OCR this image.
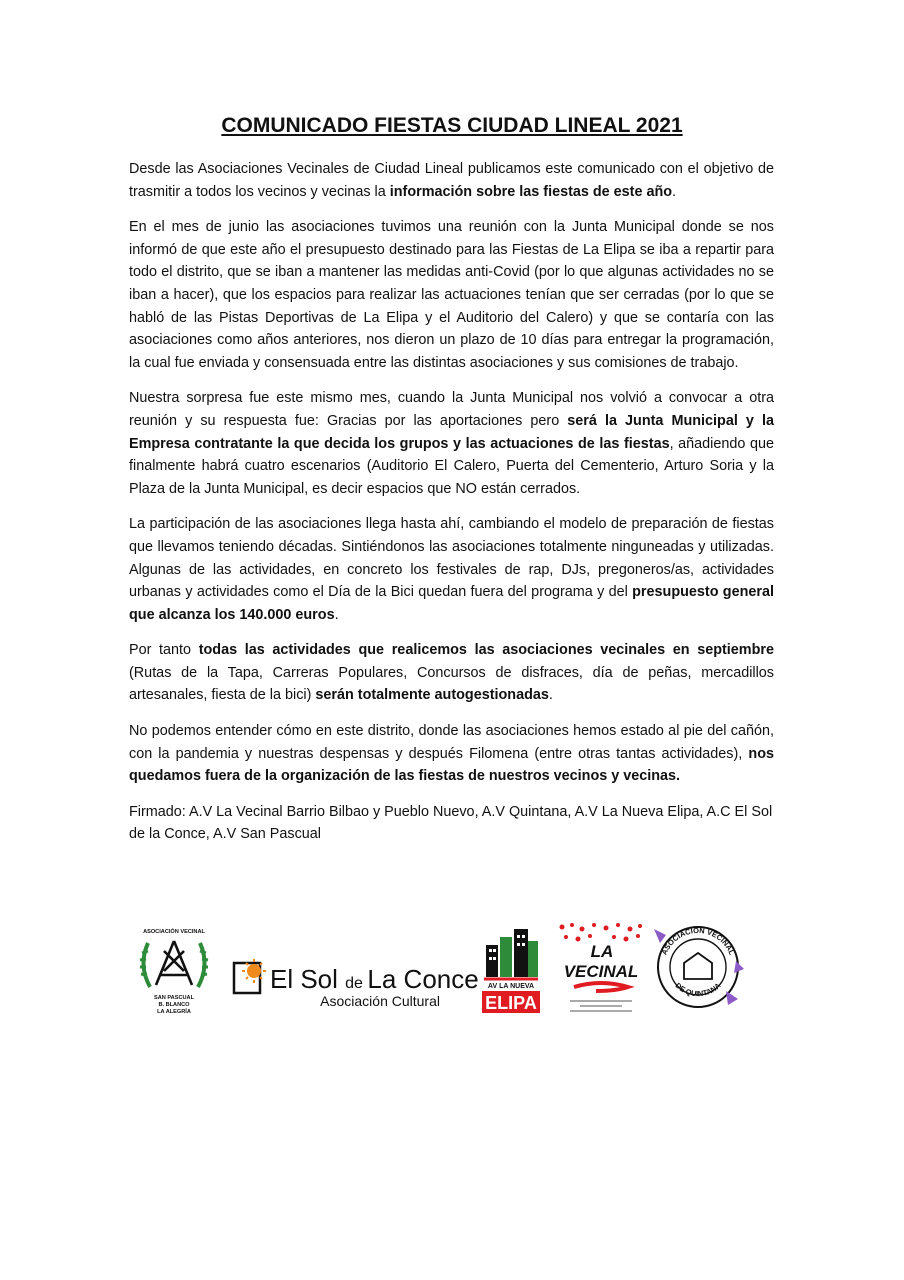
COMUNICADO FIESTAS CIUDAD LINEAL 2021

Desde las Asociaciones Vecinales de Ciudad Lineal publicamos este comunicado con el objetivo de trasmitir a todos los vecinos y vecinas la información sobre las fiestas de este año.

En el mes de junio las asociaciones tuvimos una reunión con la Junta Municipal donde se nos informó de que este año el presupuesto destinado para las Fiestas de La Elipa se iba a repartir para todo el distrito, que se iban a mantener las medidas anti-Covid (por lo que algunas actividades no se iban a hacer), que los espacios para realizar las actuaciones tenían que ser cerradas (por lo que se habló de las Pistas Deportivas de La Elipa y el Auditorio del Calero) y que se contaría con las asociaciones como años anteriores, nos dieron un plazo de 10 días para entregar la programación, la cual fue enviada y consensuada entre las distintas asociaciones y sus comisiones de trabajo.

Nuestra sorpresa fue este mismo mes, cuando la Junta Municipal nos volvió a convocar a otra reunión y su respuesta fue: Gracias por las aportaciones pero será la Junta Municipal y la Empresa contratante la que decida los grupos y las actuaciones de las fiestas, añadiendo que finalmente habrá cuatro escenarios (Auditorio El Calero, Puerta del Cementerio, Arturo Soria y la Plaza de la Junta Municipal, es decir espacios que NO están cerrados.

La participación de las asociaciones llega hasta ahí, cambiando el modelo de preparación de fiestas que llevamos teniendo décadas. Sintiéndonos las asociaciones totalmente ninguneadas y utilizadas. Algunas de las actividades, en concreto los festivales de rap, DJs, pregoneros/as, actividades urbanas y actividades como el Día de la Bici quedan fuera del programa y del presupuesto general que alcanza los 140.000 euros.

Por tanto todas las actividades que realicemos las asociaciones vecinales en septiembre (Rutas de la Tapa, Carreras Populares, Concursos de disfraces, día de peñas, mercadillos artesanales, fiesta de la bici) serán totalmente autogestionadas.

No podemos entender cómo en este distrito, donde las asociaciones hemos estado al pie del cañón, con la pandemia y nuestras despensas y después Filomena (entre otras tantas actividades), nos quedamos fuera de la organización de las fiestas de nuestros vecinos y vecinas.

Firmado: A.V La Vecinal Barrio Bilbao y Pueblo Nuevo, A.V Quintana, A.V La Nueva Elipa, A.C El Sol de la Conce, A.V San Pascual

ASOCIACIÓN VECINAL
SAN PASCUAL
B. BLANCO
LA ALEGRÍA
El Sol de La Conce
Asociación Cultural
AV LA NUEVA
ELIPA
LA
VECINAL
ASOCIACIÓN VECINAL
DE QUINTANA
